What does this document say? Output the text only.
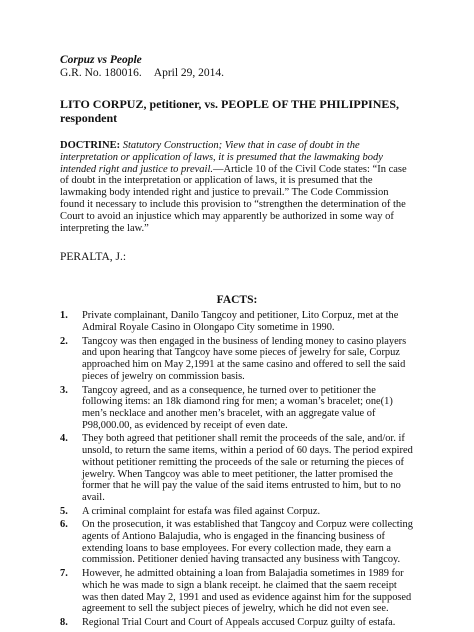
Corpuz vs People
G.R. No. 180016. April 29, 2014.
LITO CORPUZ, petitioner, vs. PEOPLE OF THE PHILIPPINES, respondent
DOCTRINE: Statutory Construction; View that in case of doubt in the interpretation or application of laws, it is presumed that the lawmaking body intended right and justice to prevail.—Article 10 of the Civil Code states: “In case of doubt in the interpretation or application of laws, it is presumed that the lawmaking body intended right and justice to prevail.” The Code Commission found it necessary to include this provision to “strengthen the determination of the Court to avoid an injustice which may apparently be authorized in some way of interpreting the law.”
PERALTA, J.:
FACTS:
1.	Private complainant, Danilo Tangcoy and petitioner, Lito Corpuz, met at the Admiral Royale Casino in Olongapo City sometime in 1990.
2.	Tangcoy was then engaged in the business of lending money to casino players and upon hearing that Tangcoy have some pieces of jewelry for sale, Corpuz approached him on May 2,1991 at the same casino and offered to sell the said pieces of jewelry on commission basis.
3.	Tangcoy agreed, and as a consequence, he turned over to petitioner the following items: an 18k diamond ring for men; a woman’s bracelet; one(1) men’s necklace and another men’s bracelet, with an aggregate value of P98,000.00, as evidenced by receipt of even date.
4.	They both agreed that petitioner shall remit the proceeds of the sale, and/or. if unsold, to return the same items, within a period of 60 days. The period expired without petitioner remitting the proceeds of the sale or returning the pieces of jewelry. When Tangcoy was able to meet petitioner, the latter promised the former that he will pay the value of the said items entrusted to him, but to no avail.
5.	A criminal complaint for estafa was filed against Corpuz.
6.	On the prosecution, it was established that Tangcoy and Corpuz were collecting agents of Antiono Balajudia, who is engaged in the financing business of extending loans to base employees. For every collection made, they earn a commission. Petitioner denied having transacted any business with Tangcoy.
7.	However, he admitted obtaining a loan from Balajadia sometimes in 1989 for which he was made to sign a blank receipt. he claimed that the saem receipt was then dated May 2, 1991 and used as evidence against him for the supposed agreement to sell the subject pieces of jewelry, which he did not even see.
8.	Regional Trial Court and Court of Appeals accused Corpuz guilty of estafa.
